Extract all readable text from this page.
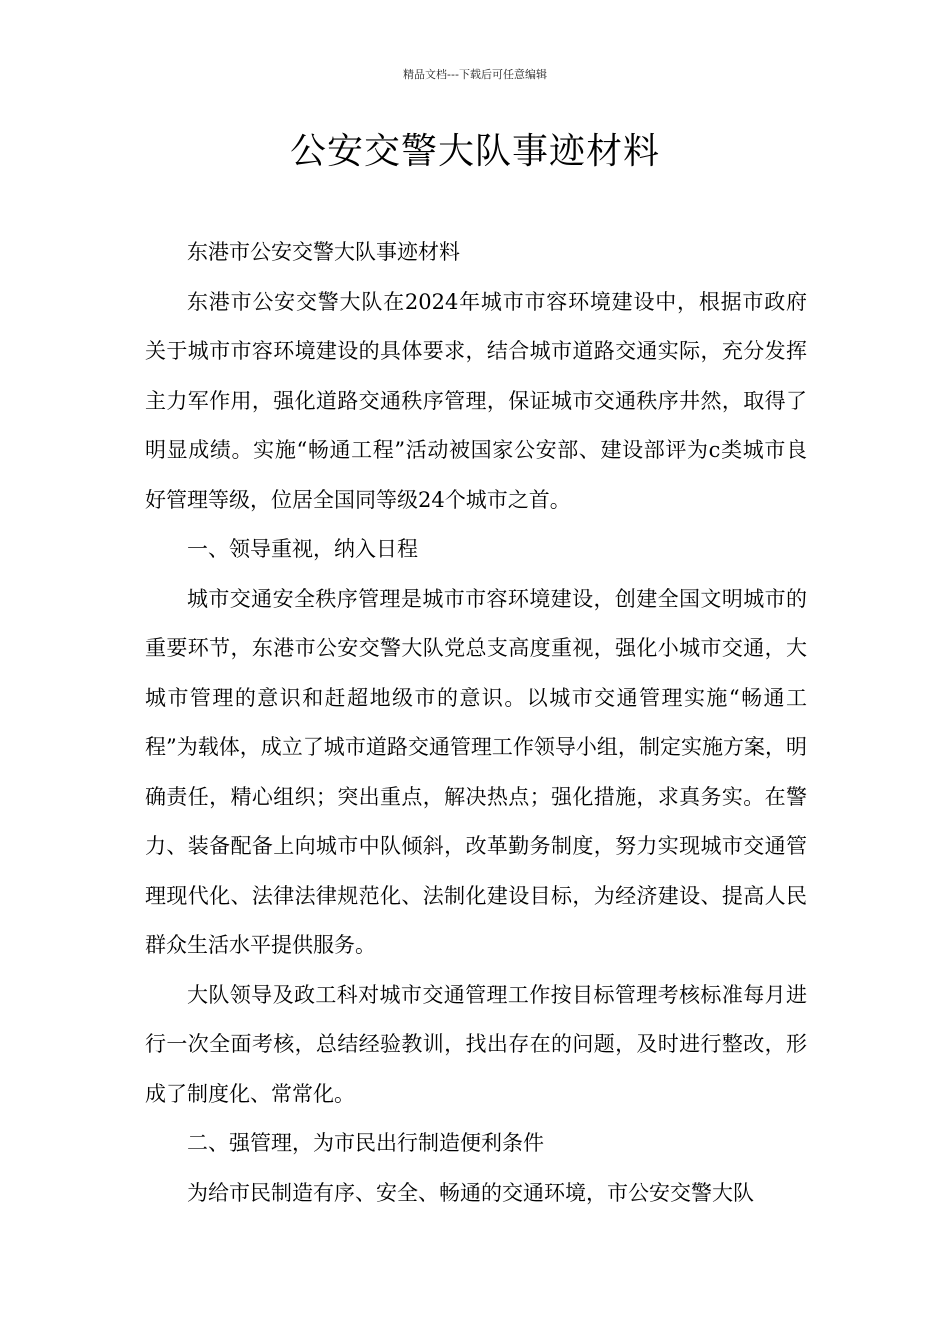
精品文档---下载后可任意编辑
公安交警大队事迹材料

东港市公安交警大队事迹材料

东港市公安交警大队在2024年城市市容环境建设中，根据市政府关于城市市容环境建设的具体要求，结合城市道路交通实际，充分发挥主力军作用，强化道路交通秩序管理，保证城市交通秩序井然，取得了明显成绩。实施“畅通工程”活动被国家公安部、建设部评为c类城市良好管理等级，位居全国同等级24个城市之首。

一、领导重视，纳入日程

城市交通安全秩序管理是城市市容环境建设，创建全国文明城市的重要环节，东港市公安交警大队党总支高度重视，强化小城市交通，大城市管理的意识和赶超地级市的意识。以城市交通管理实施“畅通工程”为载体，成立了城市道路交通管理工作领导小组，制定实施方案，明确责任，精心组织；突出重点，解决热点；强化措施，求真务实。在警力、装备配备上向城市中队倾斜，改革勤务制度，努力实现城市交通管理现代化、法律法律规范化、法制化建设目标，为经济建设、提高人民群众生活水平提供服务。

大队领导及政工科对城市交通管理工作按目标管理考核标准每月进行一次全面考核，总结经验教训，找出存在的问题，及时进行整改，形成了制度化、常常化。

二、强管理，为市民出行制造便利条件

为给市民制造有序、安全、畅通的交通环境，市公安交警大队
